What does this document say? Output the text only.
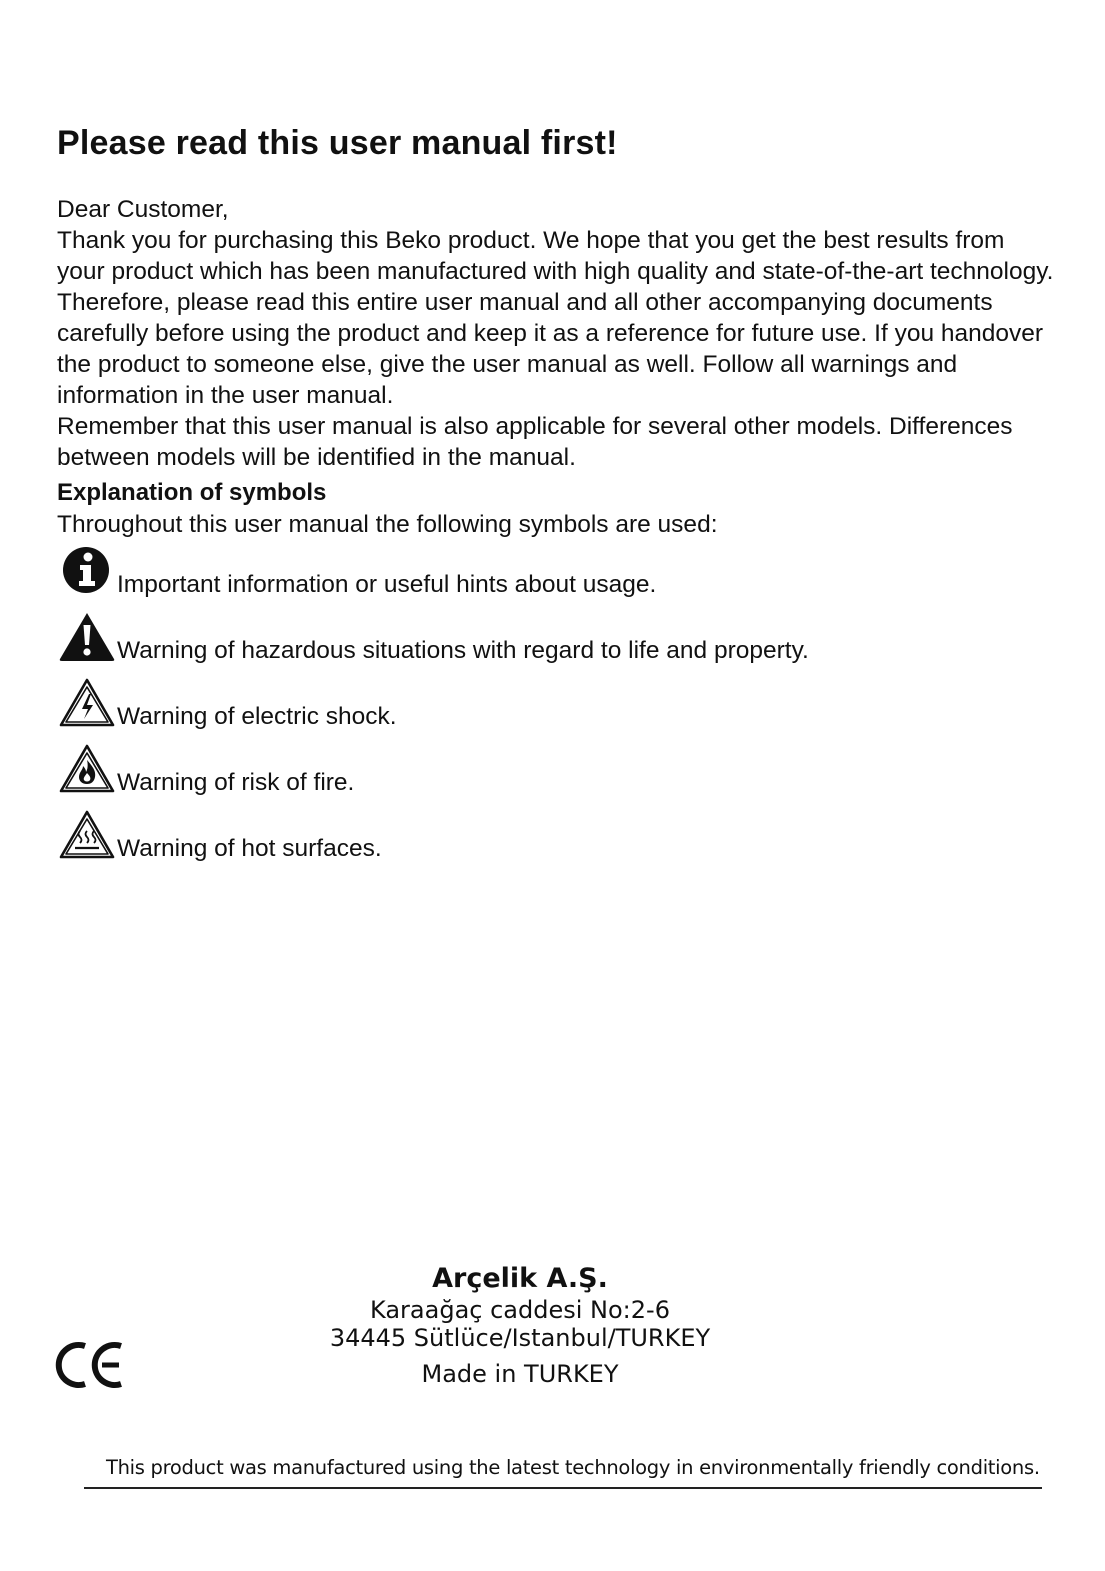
Please read this user manual first!

Dear Customer,

Thank you for purchasing this Beko product. We hope that you get the best results from your product which has been manufactured with high quality and state-of-the-art technology. Therefore, please read this entire user manual and all other accompanying documents carefully before using the product and keep it as a reference for future use. If you handover the product to someone else, give the user manual as well. Follow all warnings and information in the user manual.

Remember that this user manual is also applicable for several other models. Differences between models will be identified in the manual.

Explanation of symbols
Throughout this user manual the following symbols are used:
Important information or useful hints about usage.
Warning of hazardous situations with regard to life and property.
Warning of electric shock.
Warning of risk of fire.
Warning of hot surfaces.
Arçelik A.Ş.
Karaağaç caddesi No:2-6
34445 Sütlüce/Istanbul/TURKEY
Made in TURKEY
This product was manufactured using the latest technology in environmentally friendly conditions.
